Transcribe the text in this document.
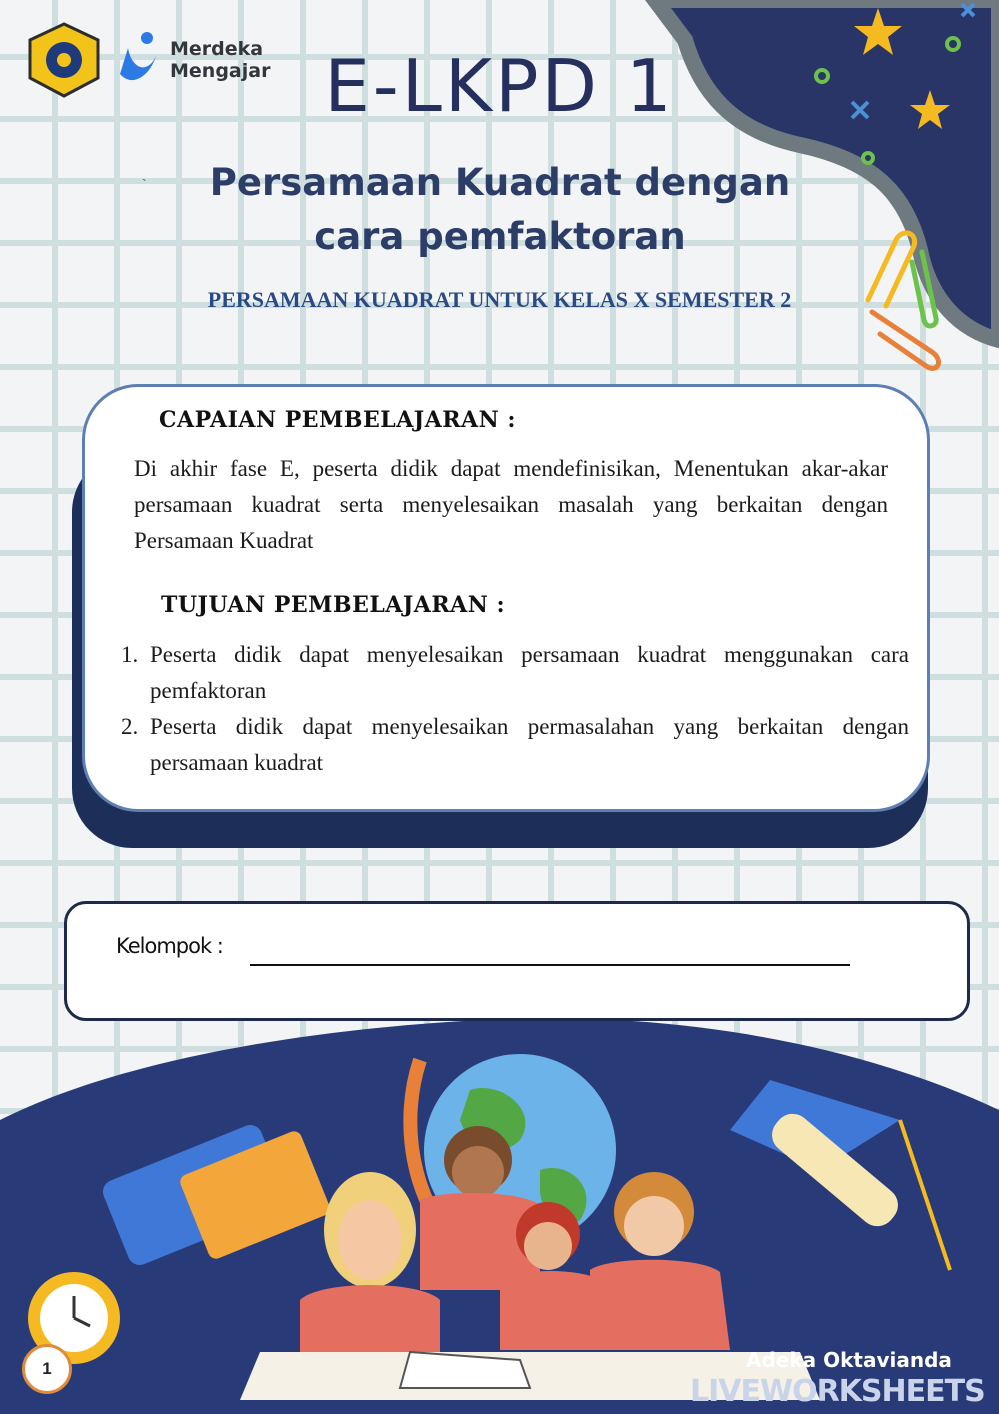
Merdeka
Mengajar E-LKPD 1
`	Persamaan Kuadrat dengan
cara pemfaktoran
PERSAMAAN KUADRAT UNTUK KELAS X SEMESTER 2
CAPAIAN PEMBELAJARAN :
Di akhir fase E, peserta didik dapat mendefinisikan, Menentukan akar-akar persamaan kuadrat serta menyelesaikan masalah yang berkaitan dengan Persamaan Kuadrat
TUJUAN PEMBELAJARAN :
1. Peserta didik dapat menyelesaikan persamaan kuadrat menggunakan cara pemfaktoran
2. Peserta didik dapat menyelesaikan permasalahan yang berkaitan dengan persamaan kuadrat
Kelompok :
1	Adeka Oktavianda
LIVEWORKSHEETS
